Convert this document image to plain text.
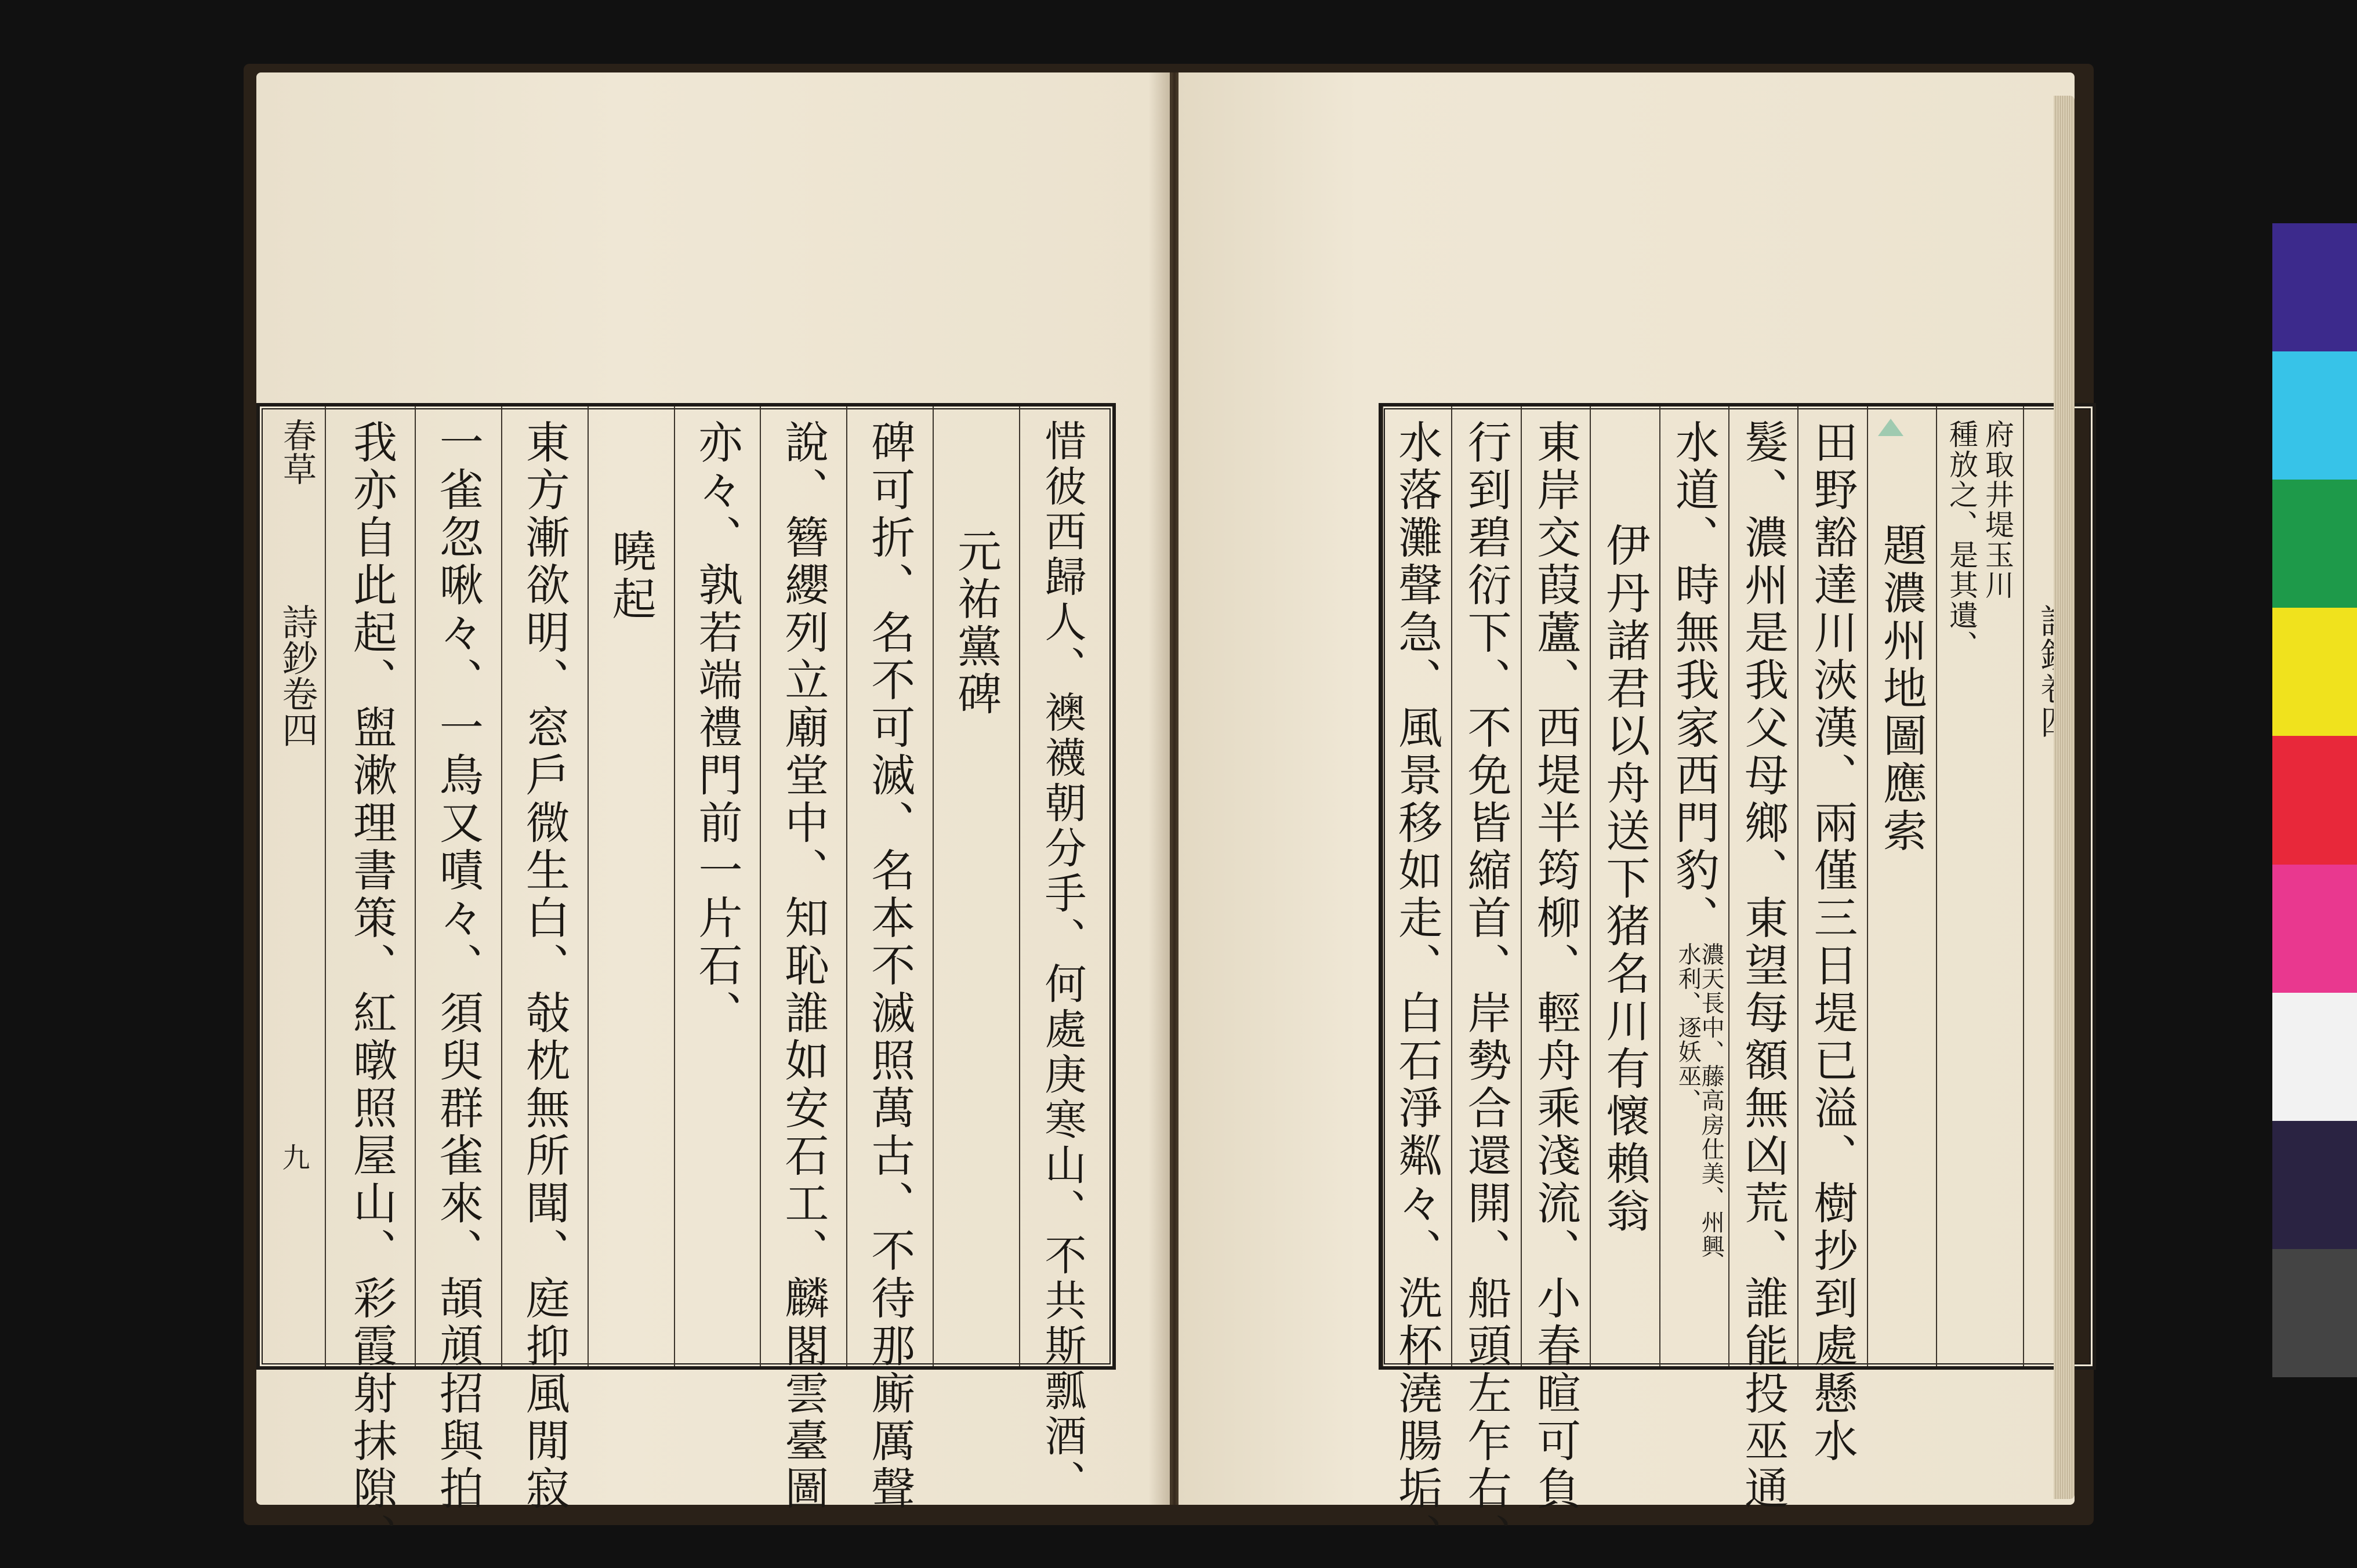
春草
詩鈔卷四
九
惜彼西歸人、襖襪朝分手、何處庚
寒山、不共斯瓢酒、
元祐黨碑
碑可折、名不可滅、名本不滅照萬古、不待那廝厲聲
說、簪纓列立廟堂中、知恥誰如安石工、麟閣雲臺圖
亦々、孰若端禮門前一片石、
曉起
東方漸欲明、窓戶微生白、敧枕無所聞、庭抑風閒寂
一雀忽啾々、一鳥又嘖々、須臾群雀來、頡頏招與拍
我亦自此起、盥漱理書策、紅暾照屋山、彩霞射抹隙、	府取井堤玉川
種放之、是其遺、
題濃州地圖應索
田野豁達川浹漢、兩僅三日堤已溢、樹抄到處懸水
髮、濃州是我父母鄉、東望每額無凶荒、誰能投巫通
水道、時無我家西門豹、
濃天長中、藤高房仕美、州興水利、逐妖巫、
伊丹諸君以舟送下猪名川有懷賴翁
東岸交葭蘆、西堤半筠柳、輕舟乘淺流、小春暄可負
行到碧衍下、不免皆縮首、岸勢合還開、船頭左乍右、
水落灘聲急、風景移如走、白石淨粼々、洗杯澆腸垢、
